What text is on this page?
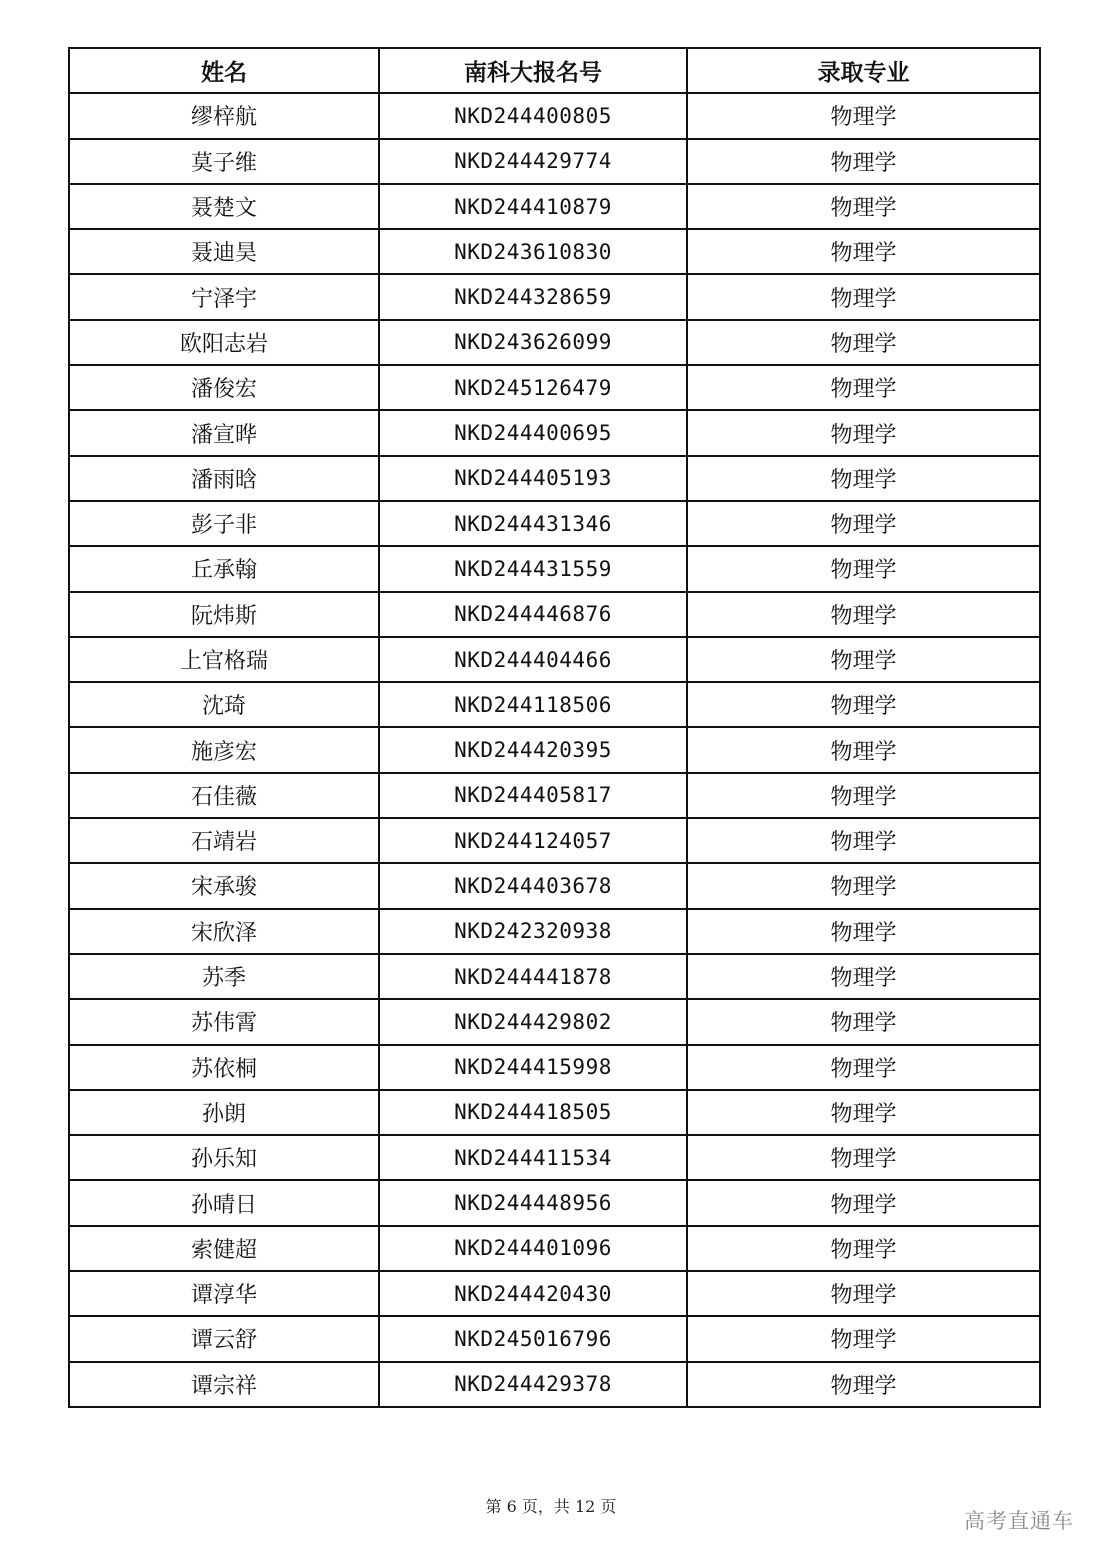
姓名	南科大报名号	录取专业
缪梓航	NKD244400805	物理学
莫子维	NKD244429774	物理学
聂楚文	NKD244410879	物理学
聂迪昊	NKD243610830	物理学
宁泽宇	NKD244328659	物理学
欧阳志岩	NKD243626099	物理学
潘俊宏	NKD245126479	物理学
潘宣晔	NKD244400695	物理学
潘雨晗	NKD244405193	物理学
彭子非	NKD244431346	物理学
丘承翰	NKD244431559	物理学
阮炜斯	NKD244446876	物理学
上官格瑞	NKD244404466	物理学
沈琦	NKD244118506	物理学
施彦宏	NKD244420395	物理学
石佳薇	NKD244405817	物理学
石靖岩	NKD244124057	物理学
宋承骏	NKD244403678	物理学
宋欣泽	NKD242320938	物理学
苏季	NKD244441878	物理学
苏伟霄	NKD244429802	物理学
苏依桐	NKD244415998	物理学
孙朗	NKD244418505	物理学
孙乐知	NKD244411534	物理学
孙晴日	NKD244448956	物理学
索健超	NKD244401096	物理学
谭淳华	NKD244420430	物理学
谭云舒	NKD245016796	物理学
谭宗祥	NKD244429378	物理学
第 6 页，共 12 页
高考直通车
